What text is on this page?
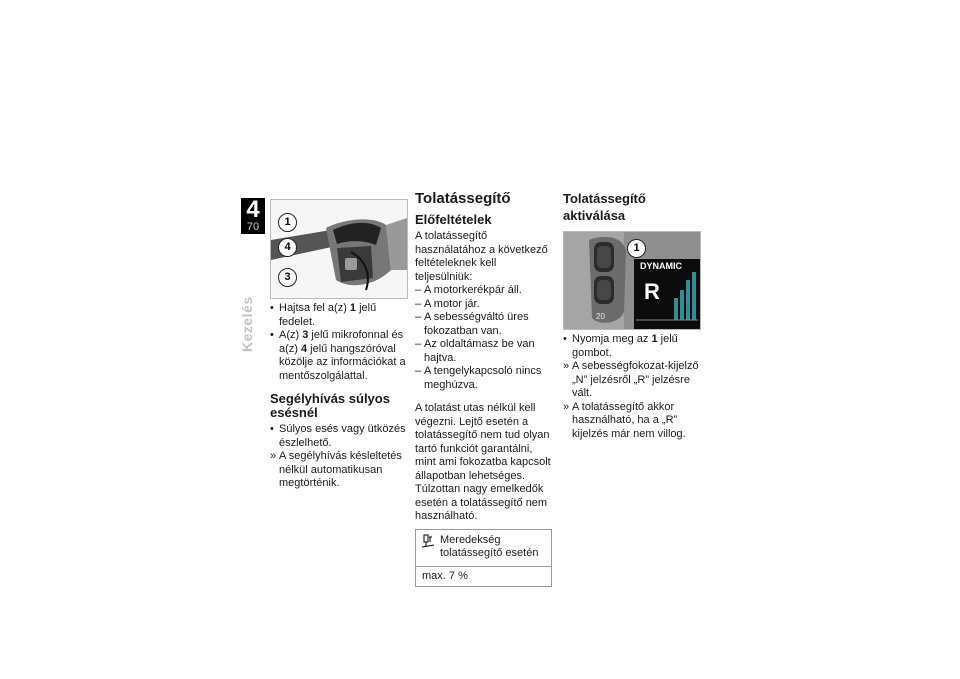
4
70
Kezelés
1
4
3
• Hajtsa fel a(z) 1 jelű fedelet.
• A(z) 3 jelű mikrofonnal és a(z) 4 jelű hangszóróval közölje az információkat a mentőszolgálattal.
Segélyhívás súlyos esésnél
• Súlyos esés vagy ütközés észlelhető.
» A segélyhívás késleltetés nélkül automatikusan megtörténik.
Tolatássegítő
Előfeltételek

A tolatássegítő használatához a következő feltételeknek kell teljesülniük:

– A motorkerékpár áll.
– A motor jár.
– A sebességváltó üres fokozatban van.
– Az oldaltámasz be van hajtva.
– A tengelykapcsoló nincs meghúzva.

A tolatást utas nélkül kell végezni. Lejtő esetén a tolatássegítő nem tud olyan tartó funkciót garantálni, mint ami fokozatba kapcsolt állapotban lehetséges.

Túlzottan nagy emelkedők esetén a tolatássegítő nem használható.

Meredekség tolatássegítő esetén
max. 7 %
Tolatássegítő aktiválása
DYNAMIC
R
20
1
• Nyomja meg az 1 jelű gombot.
» A sebességfokozat-kijelző „N” jelzésről „R” jelzésre vált.
» A tolatássegítő akkor használható, ha a „R” kijelzés már nem villog.
